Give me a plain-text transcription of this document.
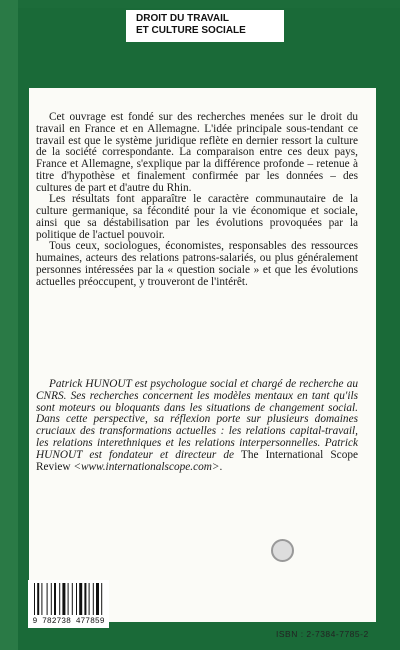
DROIT DU TRAVAIL
ET CULTURE SOCIALE

Cet ouvrage est fondé sur des recherches menées sur le droit du travail en France et en Allemagne. L'idée principale sous-tendant ce travail est que le système juridique reflète en dernier ressort la culture de la société correspondante. La comparaison entre ces deux pays, France et Allemagne, s'explique par la différence profonde – retenue à titre d'hypothèse et finalement confirmée par les données – des cultures de part et d'autre du Rhin.

Les résultats font apparaître le caractère communautaire de la culture germanique, sa fécondité pour la vie économique et sociale, ainsi que sa déstabilisation par les évolutions provoquées par la politique de l'actuel pouvoir.

Tous ceux, sociologues, économistes, responsables des ressources humaines, acteurs des relations patrons-salariés, ou plus généralement personnes intéressées par la « question sociale » et que les évolutions actuelles préoccupent, y trouveront de l'intérêt.

Patrick HUNOUT est psychologue social et chargé de recherche au CNRS. Ses recherches concernent les modèles mentaux en tant qu'ils sont moteurs ou bloquants dans les situations de changement social. Dans cette perspective, sa réflexion porte sur plusieurs domaines cruciaux des transformations actuelles : les relations capital-travail, les relations interethniques et les relations interpersonnelles. Patrick HUNOUT est fondateur et directeur de The International Scope Review <www.internationalscope.com>.
9 782738 477859
ISBN : 2-7384-7785-2
